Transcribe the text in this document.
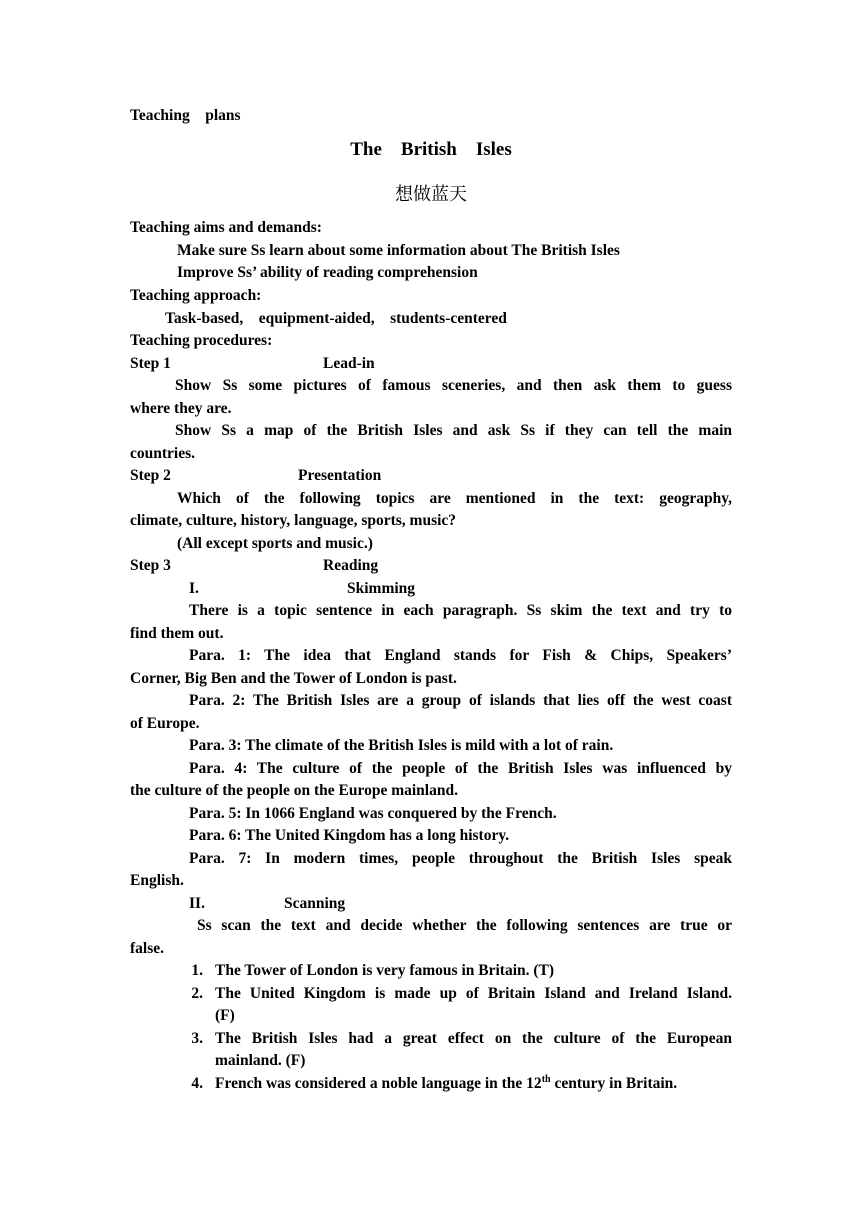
Teaching　plans
The　British　Isles
想做蓝天
Teaching aims and demands:
Make sure Ss learn about some information about The British Isles
Improve Ss’ ability of reading comprehension
Teaching approach:
Task-based,　equipment-aided,　students-centered
Teaching procedures:
Step 1	Lead-in
Show Ss some pictures of famous sceneries, and then ask them to guess
where they are.
Show Ss a map of the British Isles and ask Ss if they can tell the main
countries.
Step 2	Presentation
Which of the following topics are mentioned in the text: geography,
climate, culture, history, language, sports, music?
(All except sports and music.)
Step 3	Reading
I.	Skimming
There is a topic sentence in each paragraph. Ss skim the text and try to
find them out.
Para. 1: The idea that England stands for Fish & Chips, Speakers’
Corner, Big Ben and the Tower of London is past.
Para. 2: The British Isles are a group of islands that lies off the west coast
of Europe.
Para. 3: The climate of the British Isles is mild with a lot of rain.
Para. 4: The culture of the people of the British Isles was influenced by
the culture of the people on the Europe mainland.
Para. 5: In 1066 England was conquered by the French.
Para. 6: The United Kingdom has a long history.
Para. 7: In modern times, people throughout the British Isles speak
English.
II.	Scanning
Ss scan the text and decide whether the following sentences are true or
false.
1. The Tower of London is very famous in Britain. (T)
2. The United Kingdom is made up of Britain Island and Ireland Island.
(F)
3. The British Isles had a great effect on the culture of the European
mainland. (F)
4. French was considered a noble language in the 12th century in Britain.
